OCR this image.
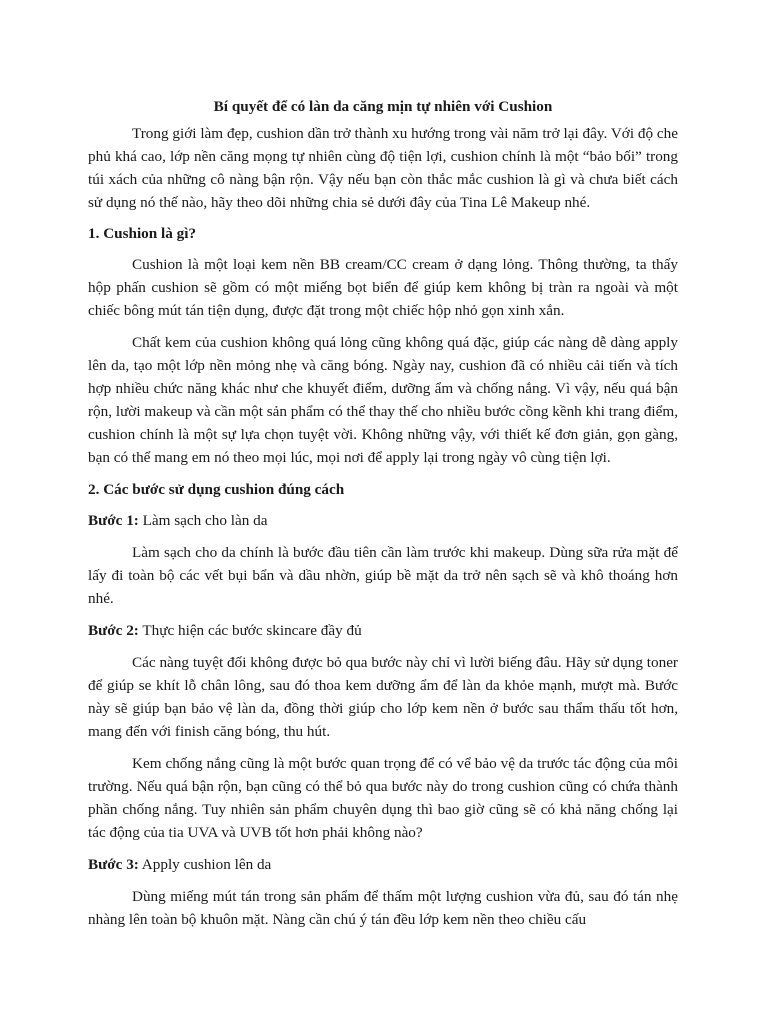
Bí quyết để có làn da căng mịn tự nhiên với Cushion

Trong giới làm đẹp, cushion dần trở thành xu hướng trong vài năm trở lại đây. Với độ che phủ khá cao, lớp nền căng mọng tự nhiên cùng độ tiện lợi, cushion chính là một “bảo bối” trong túi xách của những cô nàng bận rộn. Vậy nếu bạn còn thắc mắc cushion là gì và chưa biết cách sử dụng nó thế nào, hãy theo dõi những chia sẻ dưới đây của Tina Lê Makeup nhé.

1. Cushion là gì?

Cushion là một loại kem nền BB cream/CC cream ở dạng lỏng. Thông thường, ta thấy hộp phấn cushion sẽ gồm có một miếng bọt biển để giúp kem không bị tràn ra ngoài và một chiếc bông mút tán tiện dụng, được đặt trong một chiếc hộp nhỏ gọn xinh xắn.

Chất kem của cushion không quá lỏng cũng không quá đặc, giúp các nàng dễ dàng apply lên da, tạo một lớp nền mỏng nhẹ và căng bóng. Ngày nay, cushion đã có nhiều cải tiến và tích hợp nhiều chức năng khác như che khuyết điểm, dưỡng ẩm và chống nắng. Vì vậy, nếu quá bận rộn, lười makeup và cần một sản phẩm có thể thay thế cho nhiều bước cồng kềnh khi trang điểm, cushion chính là một sự lựa chọn tuyệt vời. Không những vậy, với thiết kế đơn giản, gọn gàng, bạn có thể mang em nó theo mọi lúc, mọi nơi để apply lại trong ngày vô cùng tiện lợi.

2. Các bước sử dụng cushion đúng cách
Bước 1: Làm sạch cho làn da

Làm sạch cho da chính là bước đầu tiên cần làm trước khi makeup. Dùng sữa rửa mặt để lấy đi toàn bộ các vết bụi bẩn và dầu nhờn, giúp bề mặt da trở nên sạch sẽ và khô thoáng hơn nhé.

Bước 2: Thực hiện các bước skincare đầy đủ

Các nàng tuyệt đối không được bỏ qua bước này chỉ vì lười biếng đâu. Hãy sử dụng toner để giúp se khít lỗ chân lông, sau đó thoa kem dưỡng ẩm để làn da khỏe mạnh, mượt mà. Bước này sẽ giúp bạn bảo vệ làn da, đồng thời giúp cho lớp kem nền ở bước sau thẩm thấu tốt hơn, mang đến với finish căng bóng, thu hút.

Kem chống nắng cũng là một bước quan trọng để có vể bảo vệ da trước tác động của môi trường. Nếu quá bận rộn, bạn cũng có thể bỏ qua bước này do trong cushion cũng có chứa thành phần chống nắng. Tuy nhiên sản phẩm chuyên dụng thì bao giờ cũng sẽ có khả năng chống lại tác động của tia UVA và UVB tốt hơn phải không nào?

Bước 3: Apply cushion lên da

Dùng miếng mút tán trong sản phẩm để thấm một lượng cushion vừa đủ, sau đó tán nhẹ nhàng lên toàn bộ khuôn mặt. Nàng cần chú ý tán đều lớp kem nền theo chiều cấu
